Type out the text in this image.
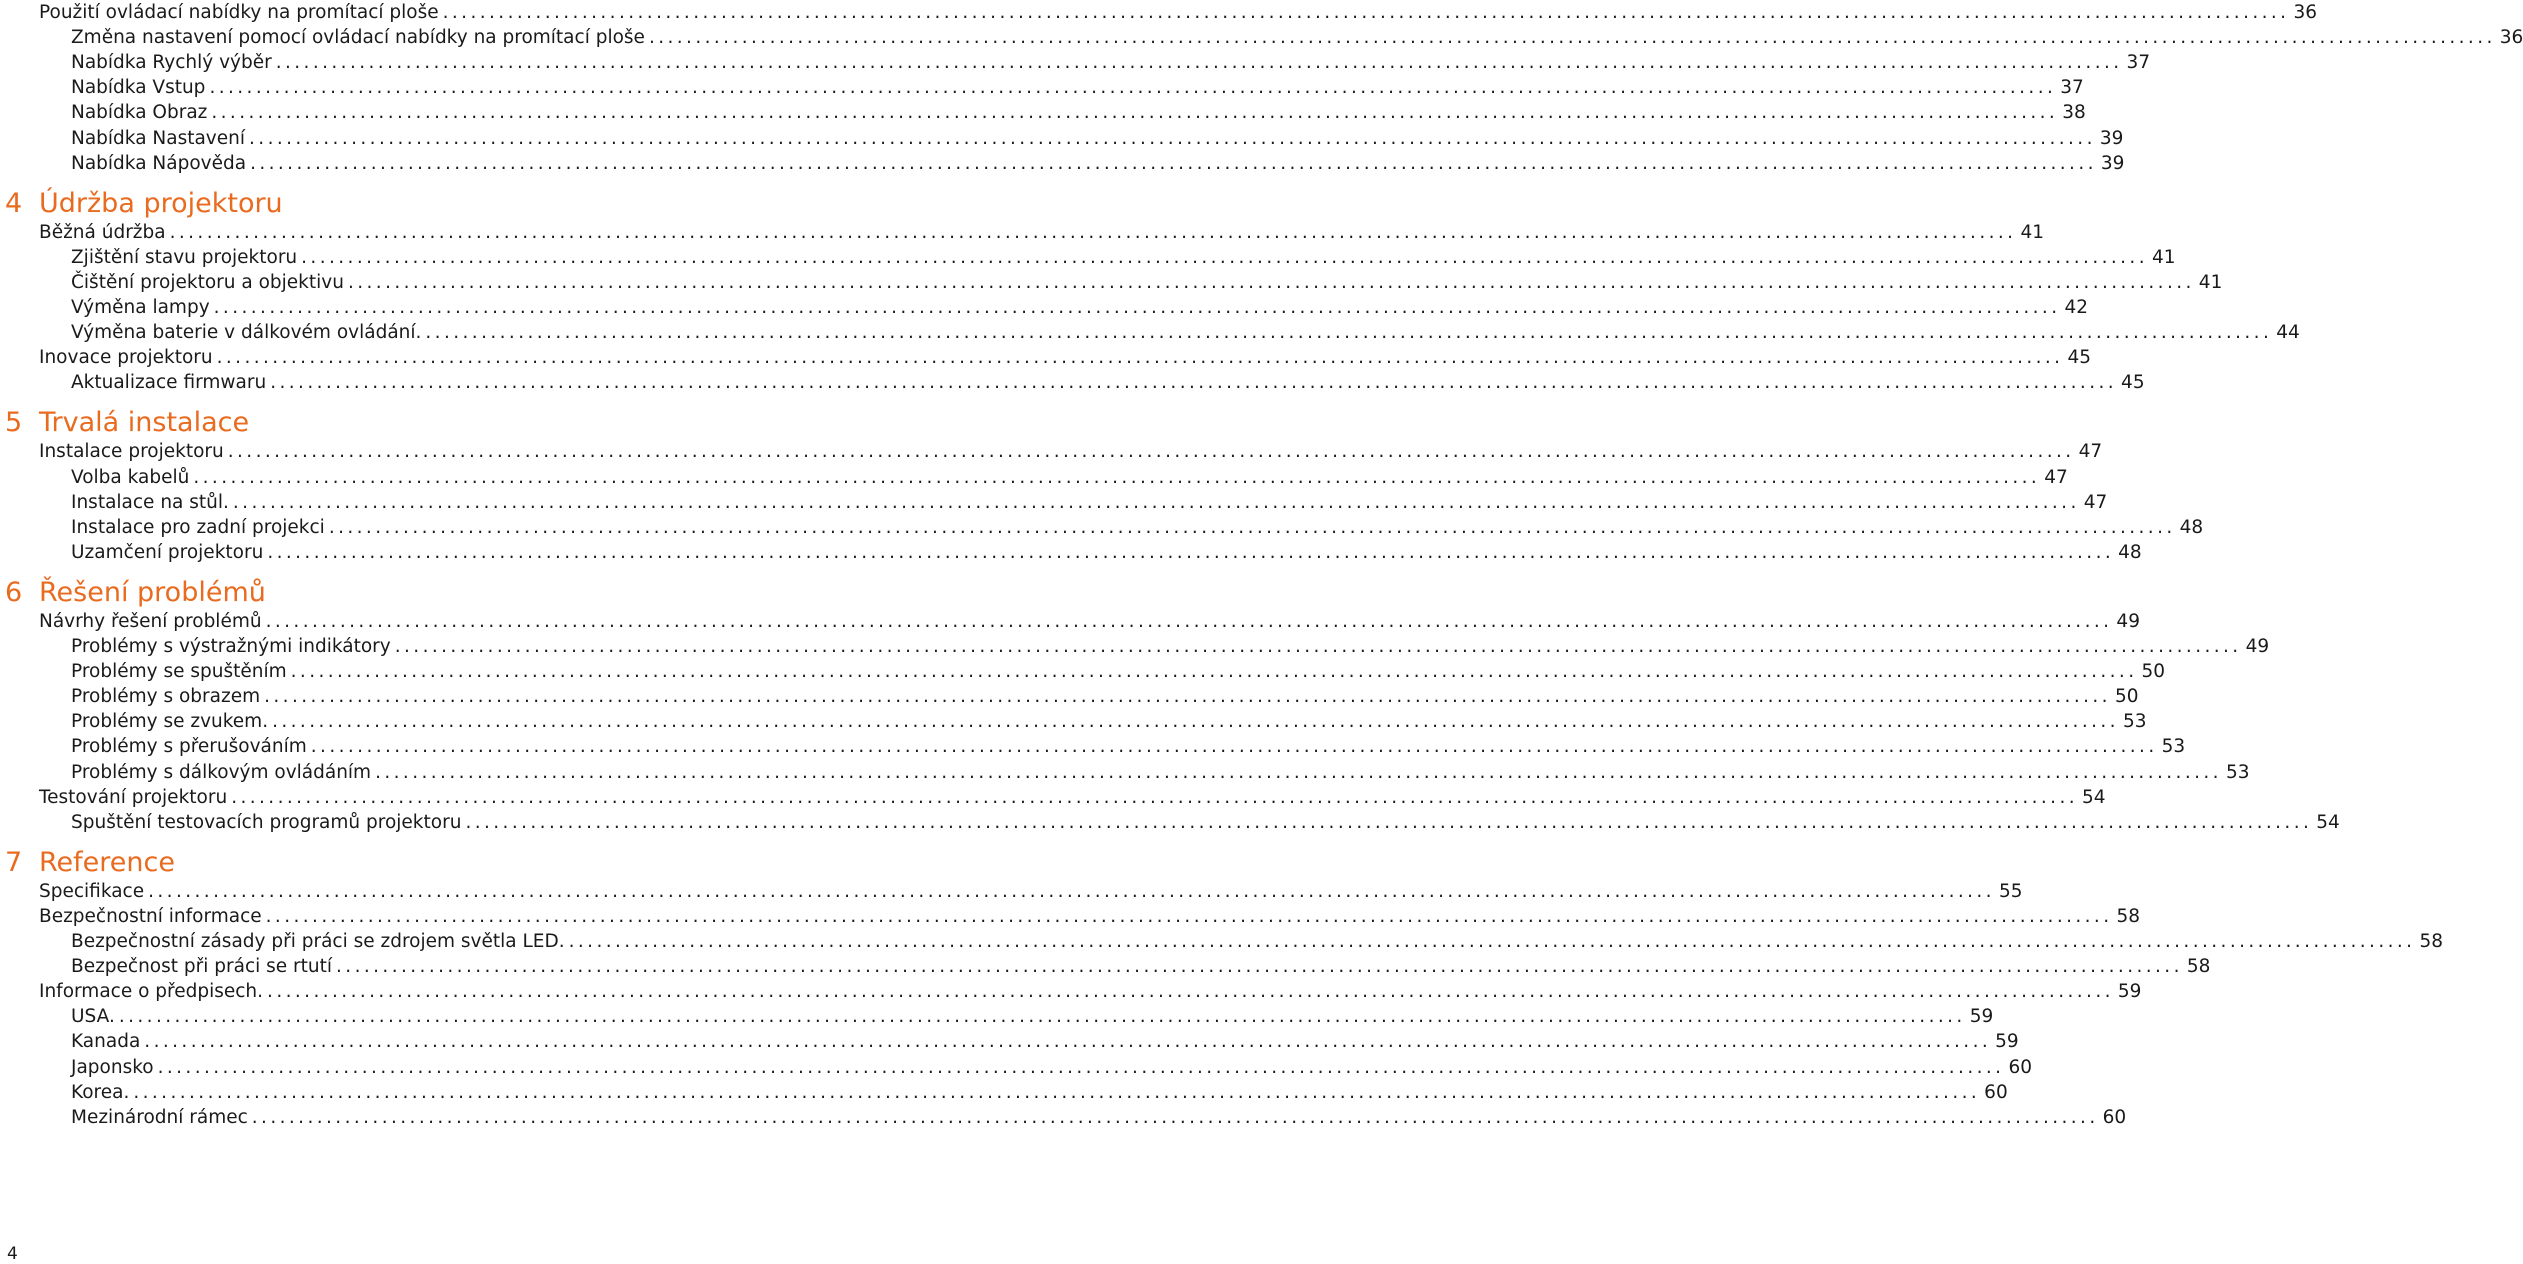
Použití ovládací nabídky na promítací ploše ....................................................................................................................................................................................................... 36
Změna nastavení pomocí ovládací nabídky na promítací ploše ....................................................................................................................................................................................................... 36
Nabídka Rychlý výběr ....................................................................................................................................................................................................... 37
Nabídka Vstup ....................................................................................................................................................................................................... 37
Nabídka Obraz ....................................................................................................................................................................................................... 38
Nabídka Nastavení ....................................................................................................................................................................................................... 39
Nabídka Nápověda ....................................................................................................................................................................................................... 39
4 Údržba projektoru
Běžná údržba ....................................................................................................................................................................................................... 41
Zjištění stavu projektoru ....................................................................................................................................................................................................... 41
Čištění projektoru a objektivu ....................................................................................................................................................................................................... 41
Výměna lampy ....................................................................................................................................................................................................... 42
Výměna baterie v dálkovém ovládání. ....................................................................................................................................................................................................... 44
Inovace projektoru ....................................................................................................................................................................................................... 45
Aktualizace firmwaru ....................................................................................................................................................................................................... 45
5 Trvalá instalace
Instalace projektoru ....................................................................................................................................................................................................... 47
Volba kabelů ....................................................................................................................................................................................................... 47
Instalace na stůl. ....................................................................................................................................................................................................... 47
Instalace pro zadní projekci ....................................................................................................................................................................................................... 48
Uzamčení projektoru ....................................................................................................................................................................................................... 48
6 Řešení problémů
Návrhy řešení problémů ....................................................................................................................................................................................................... 49
Problémy s výstražnými indikátory ....................................................................................................................................................................................................... 49
Problémy se spuštěním ....................................................................................................................................................................................................... 50
Problémy s obrazem ....................................................................................................................................................................................................... 50
Problémy se zvukem. ....................................................................................................................................................................................................... 53
Problémy s přerušováním ....................................................................................................................................................................................................... 53
Problémy s dálkovým ovládáním ....................................................................................................................................................................................................... 53
Testování projektoru ....................................................................................................................................................................................................... 54
Spuštění testovacích programů projektoru ....................................................................................................................................................................................................... 54
7 Reference
Specifikace ....................................................................................................................................................................................................... 55
Bezpečnostní informace ....................................................................................................................................................................................................... 58
Bezpečnostní zásady při práci se zdrojem světla LED. ....................................................................................................................................................................................................... 58
Bezpečnost při práci se rtutí ....................................................................................................................................................................................................... 58
Informace o předpisech. ....................................................................................................................................................................................................... 59
USA. ....................................................................................................................................................................................................... 59
Kanada ....................................................................................................................................................................................................... 59
Japonsko ....................................................................................................................................................................................................... 60
Korea. ....................................................................................................................................................................................................... 60
Mezinárodní rámec ....................................................................................................................................................................................................... 60
4
